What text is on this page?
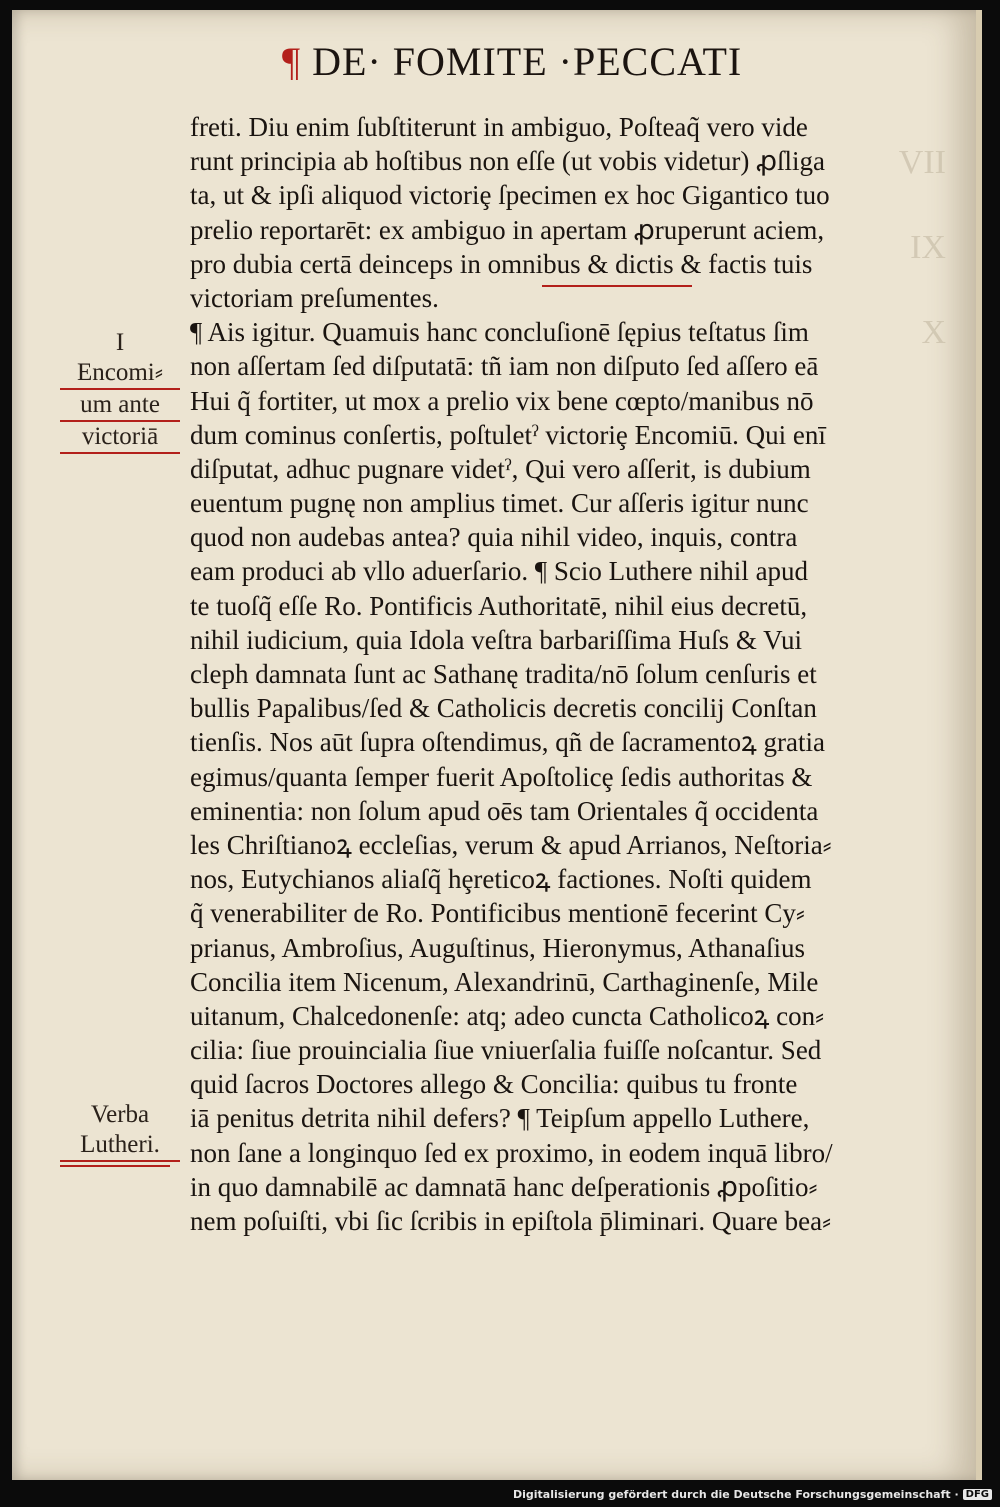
VII
IX
X
¶ DE· FOMITE ·PECCATI
I
Encomi⸗
um ante
victoriā
Verba
Lutheri.
freti. Diu enim ſubſtiterunt in ambiguo, Poſteaq̃ vero vide
runt principia ab hoſtibus non eſſe (ut vobis videtur) ꝓſliga
ta, ut & ipſi aliquod victoriȩ ſpecimen ex hoc Gigantico tuo
prelio reportarēt: ex ambiguo in apertam ꝓruperunt aciem,
pro dubia certā deinceps in omnibus & dictis & factis tuis
victoriam preſumentes.
¶ Ais igitur. Quamuis hanc concluſionē ſępius teſtatus ſim
non aſſertam ſed diſputatā: tñ iam non diſputo ſed aſſero eā
Hui q̃ fortiter, ut mox a prelio vix bene cœpto/manibus nō
dum cominus conſertis, poſtuletˀ victoriȩ Encomiū. Qui enī
diſputat, adhuc pugnare videtˀ, Qui vero aſſerit, is dubium
euentum pugnę non amplius timet. Cur aſſeris igitur nunc
quod non audebas antea? quia nihil video, inquis, contra
eam produci ab vllo aduerſario. ¶ Scio Luthere nihil apud
te tuoſq̃ eſſe Ro. Pontificis Authoritatē, nihil eius decretū,
nihil iudicium, quia Idola veſtra barbariſſima Huſs & Vui
cleph damnata ſunt ac Sathanę tradita/nō ſolum cenſuris et
bullis Papalibus/ſed & Catholicis decretis concilij Conſtan
tienſis. Nos aūt ſupra oſtendimus, qñ de ſacramentoꝝ gratia
egimus/quanta ſemper fuerit Apoſtolicȩ ſedis authoritas &
eminentia: non ſolum apud oēs tam Orientales q̃ occidenta
les Chriſtianoꝝ eccleſias, verum & apud Arrianos, Neſtoria⸗
nos, Eutychianos aliaſq̃ hȩreticoꝝ factiones. Noſti quidem
q̃ venerabiliter de Ro. Pontificibus mentionē fecerint Cy⸗
prianus, Ambroſius, Auguſtinus, Hieronymus, Athanaſius
Concilia item Nicenum, Alexandrinū, Carthaginenſe, Mile
uitanum, Chalcedonenſe: atq; adeo cuncta Catholicoꝝ con⸗
cilia: ſiue prouincialia ſiue vniuerſalia fuiſſe noſcantur. Sed
quid ſacros Doctores allego & Concilia: quibus tu fronte
iā penitus detrita nihil defers? ¶ Teipſum appello Luthere,
non ſane a longinquo ſed ex proximo, in eodem inquā libro/
in quo damnabilē ac damnatā hanc deſperationis ꝓpoſitio⸗
nem poſuiſti, vbi ſic ſcribis in epiſtola p̄liminari. Quare bea⸗
Digitalisierung gefördert durch die Deutsche Forschungsgemeinschaft · DFG
